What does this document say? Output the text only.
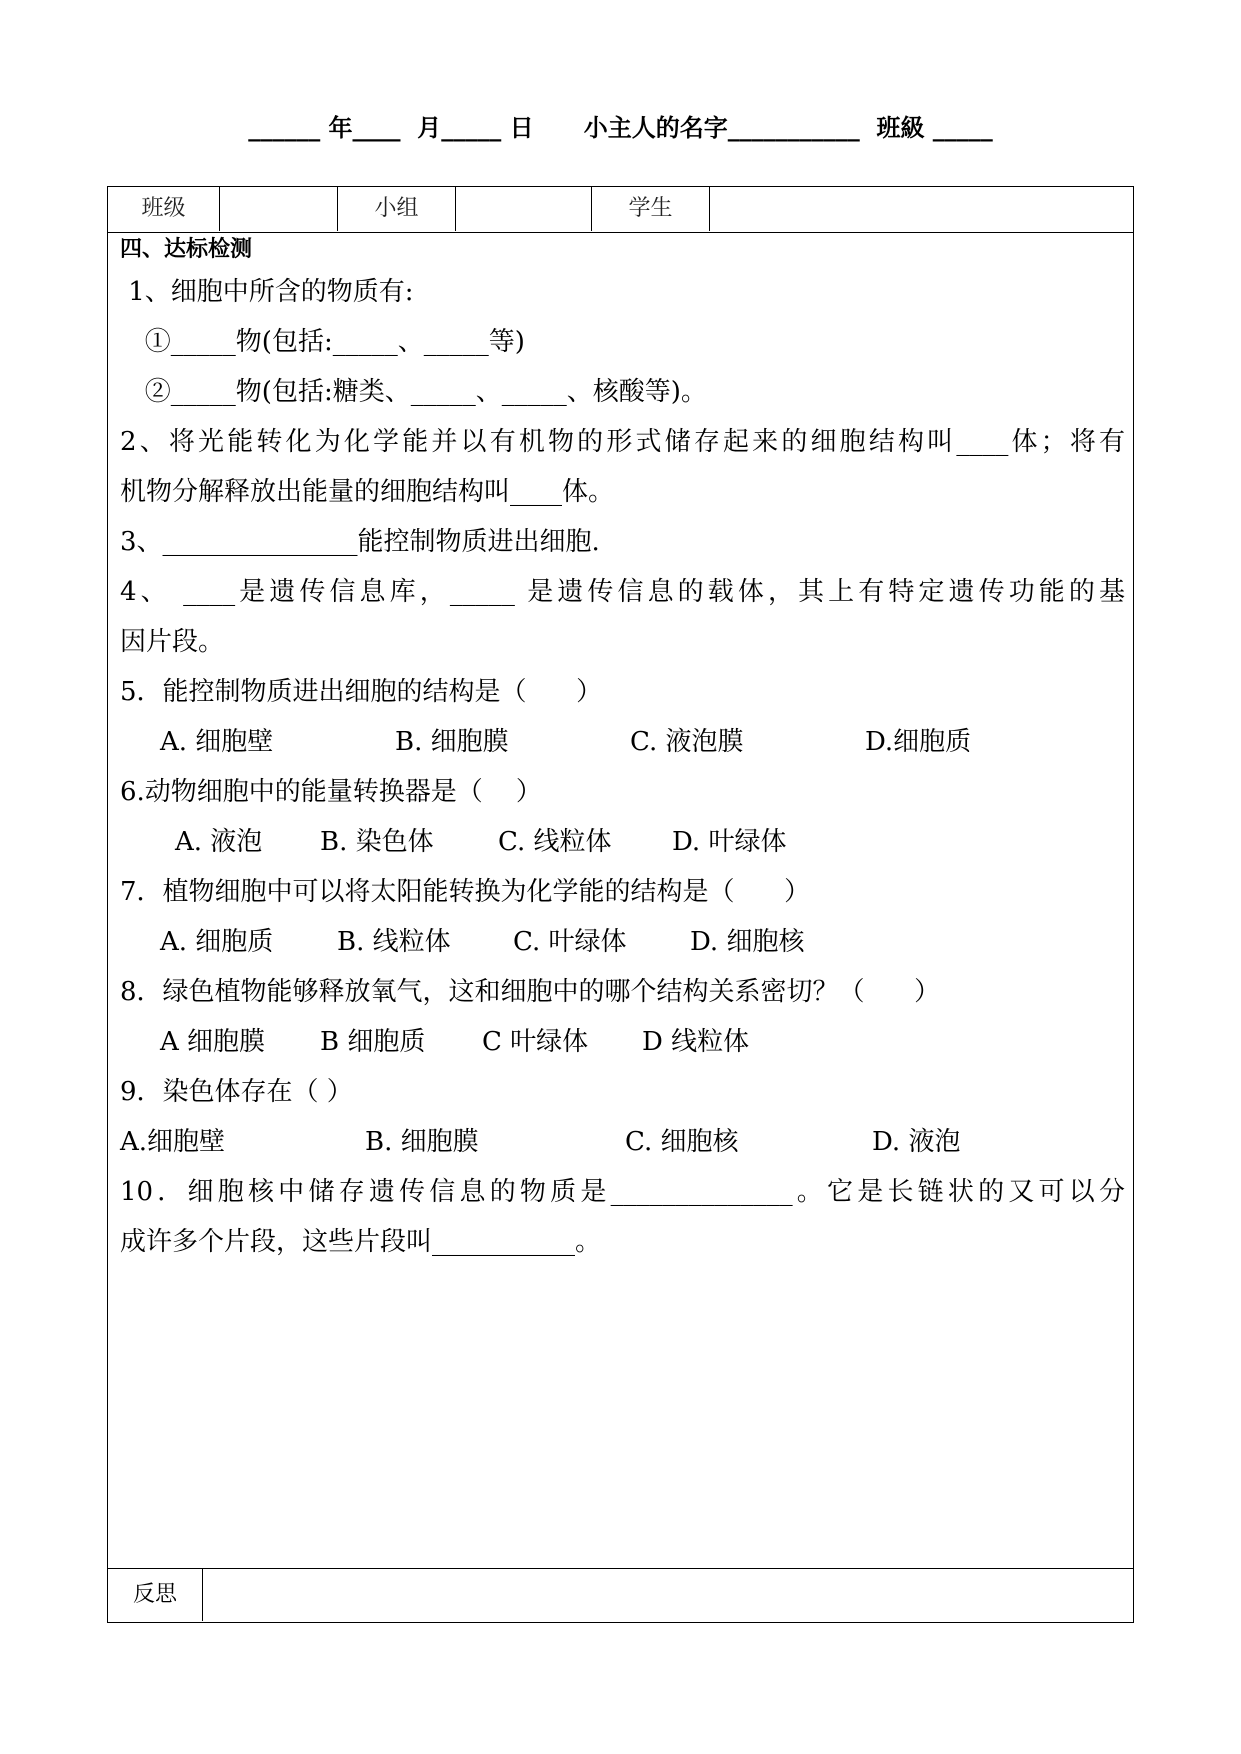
______ 年____  月_____ 日      小主人的名字___________  班級 _____
班级	小组	学生
四、达标检测
1、细胞中所含的物质有:
①_____物(包括:_____、_____等)
②_____物(包括:糖类、_____、_____、核酸等)。
2、将光能转化为化学能并以有机物的形式储存起来的细胞结构叫____体；将有
机物分解释放出能量的细胞结构叫____体。
3、_______________能控制物质进出细胞.
4、 ____是遗传信息库，_____ 是遗传信息的载体，其上有特定遗传功能的基
因片段。
5．能控制物质进出细胞的结构是（      ）
A. 细胞壁	B. 细胞膜	C. 液泡膜	D.细胞质
6.动物细胞中的能量转换器是（    ）
A. 液泡 B. 染色体 C. 线粒体 D. 叶绿体
7．植物细胞中可以将太阳能转换为化学能的结构是（      ）
A. 细胞质 B. 线粒体 C. 叶绿体 D. 细胞核
8．绿色植物能够释放氧气，这和细胞中的哪个结构关系密切？（      ）
A 细胞膜 B 细胞质 C 叶绿体 D 线粒体
9．染色体存在（ ）
A.细胞壁	B. 细胞膜	C. 细胞核	D. 液泡
10．细胞核中储存遗传信息的物质是______________。它是长链状的又可以分
成许多个片段，这些片段叫___________。
反思
